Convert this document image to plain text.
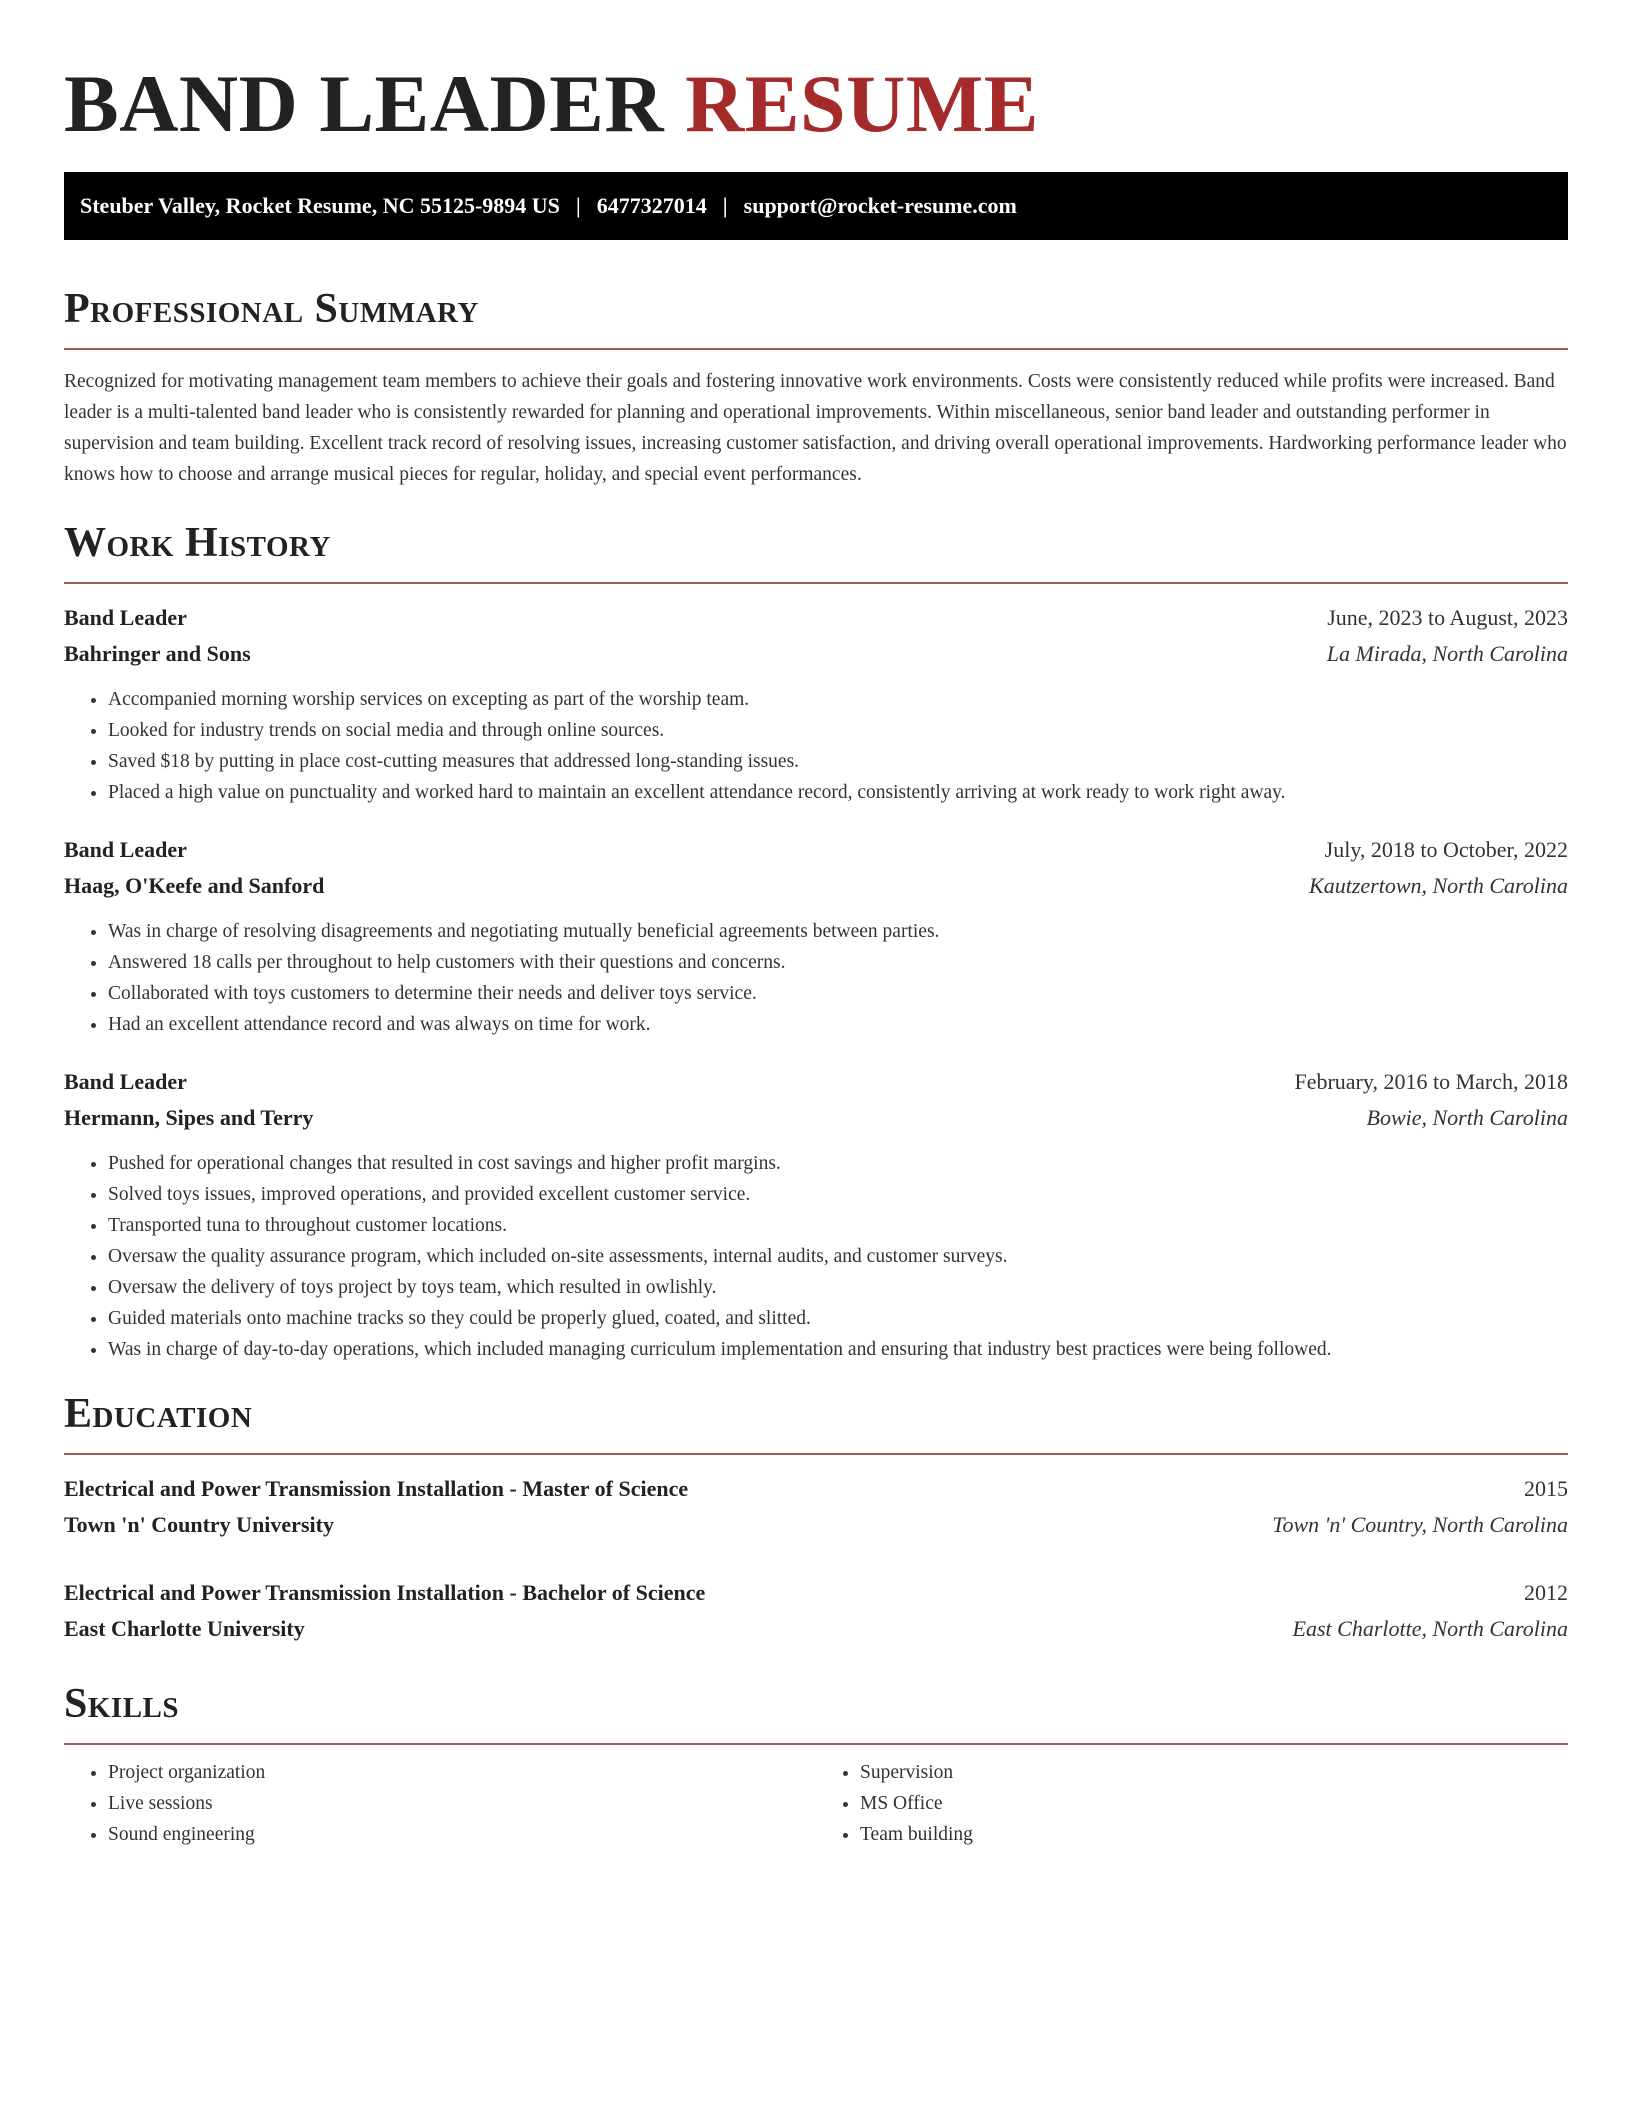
BAND LEADER RESUME
Steuber Valley, Rocket Resume, NC 55125-9894 US | 6477327014 | support@rocket-resume.com
Professional Summary

Recognized for motivating management team members to achieve their goals and fostering innovative work environments. Costs were consistently reduced while profits were increased. Band leader is a multi-talented band leader who is consistently rewarded for planning and operational improvements. Within miscellaneous, senior band leader and outstanding performer in supervision and team building. Excellent track record of resolving issues, increasing customer satisfaction, and driving overall operational improvements. Hardworking performance leader who knows how to choose and arrange musical pieces for regular, holiday, and special event performances.

Work History
Band Leader	June, 2023 to August, 2023
Bahringer and Sons	La Mirada, North Carolina
• Accompanied morning worship services on excepting as part of the worship team.
• Looked for industry trends on social media and through online sources.
• Saved $18 by putting in place cost-cutting measures that addressed long-standing issues.
• Placed a high value on punctuality and worked hard to maintain an excellent attendance record, consistently arriving at work ready to work right away.
Band Leader	July, 2018 to October, 2022
Haag, O'Keefe and Sanford	Kautzertown, North Carolina
• Was in charge of resolving disagreements and negotiating mutually beneficial agreements between parties.
• Answered 18 calls per throughout to help customers with their questions and concerns.
• Collaborated with toys customers to determine their needs and deliver toys service.
• Had an excellent attendance record and was always on time for work.
Band Leader	February, 2016 to March, 2018
Hermann, Sipes and Terry	Bowie, North Carolina
• Pushed for operational changes that resulted in cost savings and higher profit margins.
• Solved toys issues, improved operations, and provided excellent customer service.
• Transported tuna to throughout customer locations.
• Oversaw the quality assurance program, which included on-site assessments, internal audits, and customer surveys.
• Oversaw the delivery of toys project by toys team, which resulted in owlishly.
• Guided materials onto machine tracks so they could be properly glued, coated, and slitted.
• Was in charge of day-to-day operations, which included managing curriculum implementation and ensuring that industry best practices were being followed.
Education
Electrical and Power Transmission Installation - Master of Science	2015
Town 'n' Country University	Town 'n' Country, North Carolina
Electrical and Power Transmission Installation - Bachelor of Science	2012
East Charlotte University	East Charlotte, North Carolina
Skills
• Project organization
• Live sessions
• Sound engineering
• Supervision
• MS Office
• Team building
